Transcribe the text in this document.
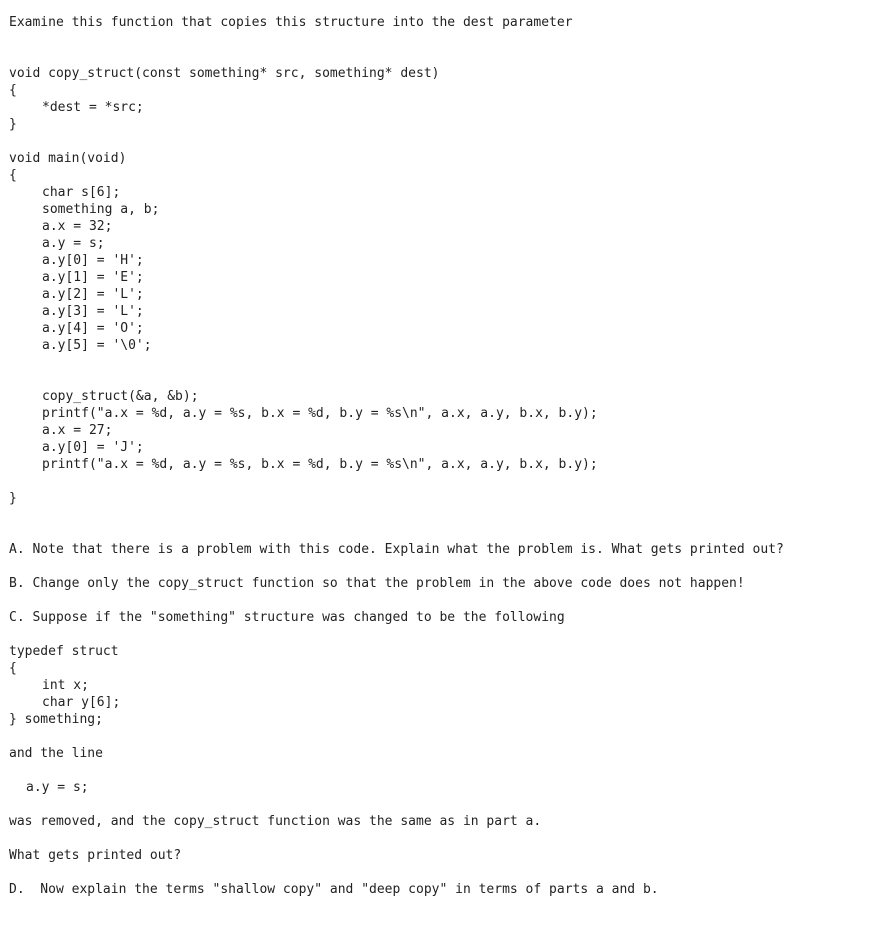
Examine this function that copies this structure into the dest parameter
void copy_struct(const something* src, something* dest)
{
*dest = *src;
}
void main(void)
{
char s[6];
something a, b;
a.x = 32;
a.y = s;
a.y[0] = 'H';
a.y[1] = 'E';
a.y[2] = 'L';
a.y[3] = 'L';
a.y[4] = 'O';
a.y[5] = '\0';
copy_struct(&a, &b);
printf("a.x = %d, a.y = %s, b.x = %d, b.y = %s\n", a.x, a.y, b.x, b.y);
a.x = 27;
a.y[0] = 'J';
printf("a.x = %d, a.y = %s, b.x = %d, b.y = %s\n", a.x, a.y, b.x, b.y);
}
A. Note that there is a problem with this code. Explain what the problem is. What gets printed out?
B. Change only the copy_struct function so that the problem in the above code does not happen!
C. Suppose if the "something" structure was changed to be the following
typedef struct
{
int x;
char y[6];
} something;
and the line
a.y = s;
was removed, and the copy_struct function was the same as in part a.
What gets printed out?
D.  Now explain the terms "shallow copy" and "deep copy" in terms of parts a and b.
